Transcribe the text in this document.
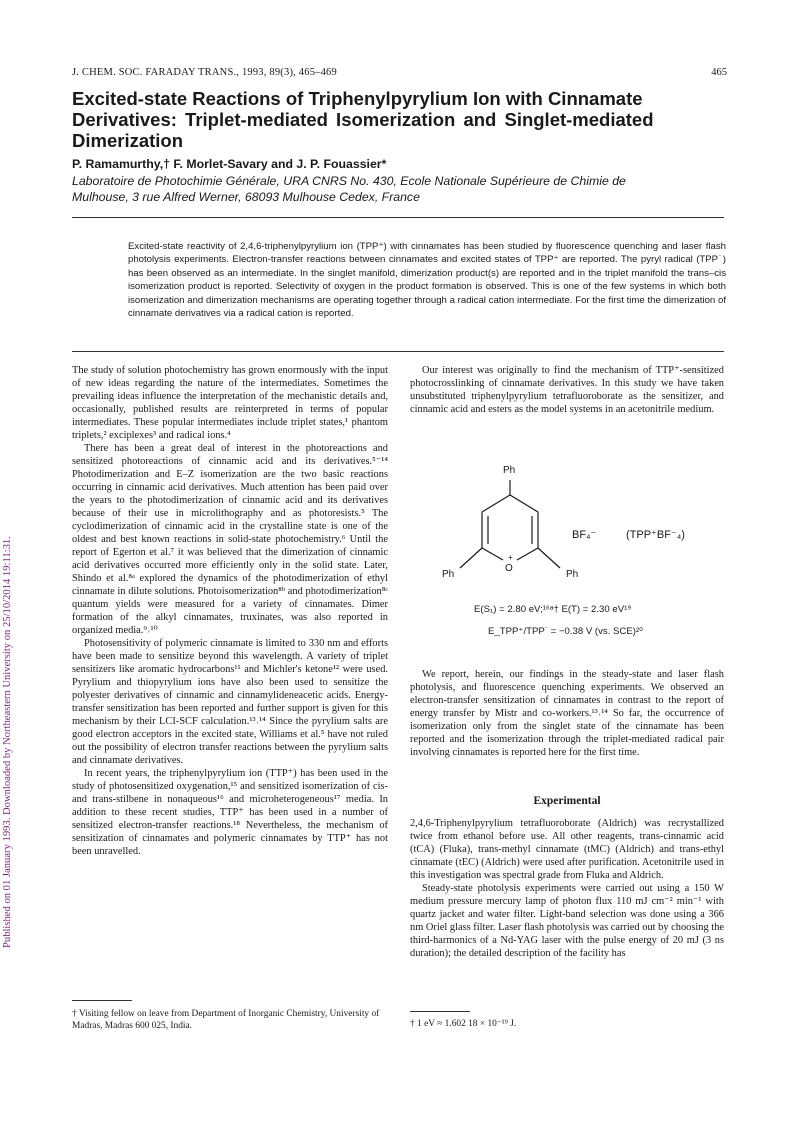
Published on 01 January 1993. Downloaded by Northeastern University on 25/10/2014 19:11:31.
J. CHEM. SOC. FARADAY TRANS., 1993, 89(3), 465–469	465
Excited-state Reactions of Triphenylpyrylium Ion with Cinnamate
Derivatives: Triplet-mediated Isomerization and Singlet-mediated
Dimerization
P. Ramamurthy,† F. Morlet-Savary and J. P. Fouassier*
Laboratoire de Photochimie Générale, URA CNRS No. 430, Ecole Nationale Supérieure de Chimie de
Mulhouse, 3 rue Alfred Werner, 68093 Mulhouse Cedex, France
Excited-state reactivity of 2,4,6-triphenylpyrylium ion (TPP⁺) with cinnamates has been studied by fluorescence quenching and laser flash photolysis experiments. Electron-transfer reactions between cinnamates and excited states of TPP⁺ are reported. The pyryl radical (TPP˙) has been observed as an intermediate. In the singlet manifold, dimerization product(s) are reported and in the triplet manifold the trans–cis isomerization product is reported. Selectivity of oxygen in the product formation is observed. This is one of the few systems in which both isomerization and dimerization mechanisms are operating together through a radical cation intermediate. For the first time the dimerization of cinnamate derivatives via a radical cation is reported.

The study of solution photochemistry has grown enormously with the input of new ideas regarding the nature of the intermediates. Sometimes the prevailing ideas influence the interpretation of the mechanistic details and, occasionally, published results are reinterpreted in terms of popular intermediates. These popular intermediates include triplet states,¹ phantom triplets,² exciplexes³ and radical ions.⁴

There has been a great deal of interest in the photoreactions and sensitized photoreactions of cinnamic acid and its derivatives.⁵⁻¹⁴ Photodimerization and E–Z isomerization are the two basic reactions occurring in cinnamic acid derivatives. Much attention has been paid over the years to the photodimerization of cinnamic acid and its derivatives because of their use in microlithography and as photoresists.⁵ The cyclodimerization of cinnamic acid in the crystalline state is one of the oldest and best known reactions in solid-state photochemistry.⁶ Until the report of Egerton et al.⁷ it was believed that the dimerization of cinnamic acid derivatives occurred more efficiently only in the solid state. Later, Shindo et al.⁸ᵃ explored the dynamics of the photodimerization of ethyl cinnamate in dilute solutions. Photoisomerization⁸ᵇ and photodimerization⁸ᶜ quantum yields were measured for a variety of cinnamates. Dimer formation of the alkyl cinnamates, truxinates, was also reported in organized media.⁹˒¹⁰

Photosensitivity of polymeric cinnamate is limited to 330 nm and efforts have been made to sensitize beyond this wavelength. A variety of triplet sensitizers like aromatic hydrocarbons¹¹ and Michler's ketone¹² were used. Pyrylium and thiopyrylium ions have also been used to sensitize the polyester derivatives of cinnamic and cinnamylideneacetic acids. Energy-transfer sensitization has been reported and further support is given for this mechanism by their LCI-SCF calculation.¹³˒¹⁴ Since the pyrylium salts are good electron acceptors in the excited state, Williams et al.⁵ have not ruled out the possibility of electron transfer reactions between the pyrylium salts and cinnamate derivatives.

In recent years, the triphenylpyrylium ion (TTP⁺) has been used in the study of photosensitized oxygenation,¹⁵ and sensitized isomerization of cis- and trans-stilbene in nonaqueous¹⁶ and microheterogeneous¹⁷ media. In addition to these recent studies, TTP⁺ has been used in a number of sensitized electron-transfer reactions.¹⁸ Nevertheless, the mechanism of sensitization of cinnamates and polymeric cinnamates by TTP⁺ has not been unravelled.

Our interest was originally to find the mechanism of TTP⁺-sensitized photocrosslinking of cinnamate derivatives. In this study we have taken unsubstituted triphenylpyrylium tetrafluoroborate as the sensitizer, and cinnamic acid and esters as the model systems in an acetonitrile medium.

Ph
Ph	Ph
O
+
BF₄⁻	(TPP⁺BF⁻₄)
E(S₁) = 2.80 eV;¹⁶ᵃ† E(T) = 2.30 eV¹⁹
E_TPP⁺/TPP˙ = −0.38 V (vs. SCE)²⁰

We report, herein, our findings in the steady-state and laser flash photolysis, and fluorescence quenching experiments. We observed an electron-transfer sensitization of cinnamates in contrast to the report of energy transfer by Mistr and co-workers.¹³˒¹⁴ So far, the occurrence of isomerization only from the singlet state of the cinnamate has been reported and the isomerization through the triplet-mediated radical pair involving cinnamates is reported here for the first time.

Experimental

2,4,6-Triphenylpyrylium tetrafluoroborate (Aldrich) was recrystallized twice from ethanol before use. All other reagents, trans-cinnamic acid (tCA) (Fluka), trans-methyl cinnamate (tMC) (Aldrich) and trans-ethyl cinnamate (tEC) (Aldrich) were used after purification. Acetonitrile used in this investigation was spectral grade from Fluka and Aldrich.

Steady-state photolysis experiments were carried out using a 150 W medium pressure mercury lamp of photon flux 110 mJ cm⁻² min⁻¹ with quartz jacket and water filter. Light-band selection was done using a 366 nm Oriel glass filter. Laser flash photolysis was carried out by choosing the third-harmonics of a Nd-YAG laser with the pulse energy of 20 mJ (3 ns duration); the detailed description of the facility has

† Visiting fellow on leave from Department of Inorganic Chemistry, University of Madras, Madras 600 025, India.	† 1 eV ≈ 1.602 18 × 10⁻¹⁹ J.
